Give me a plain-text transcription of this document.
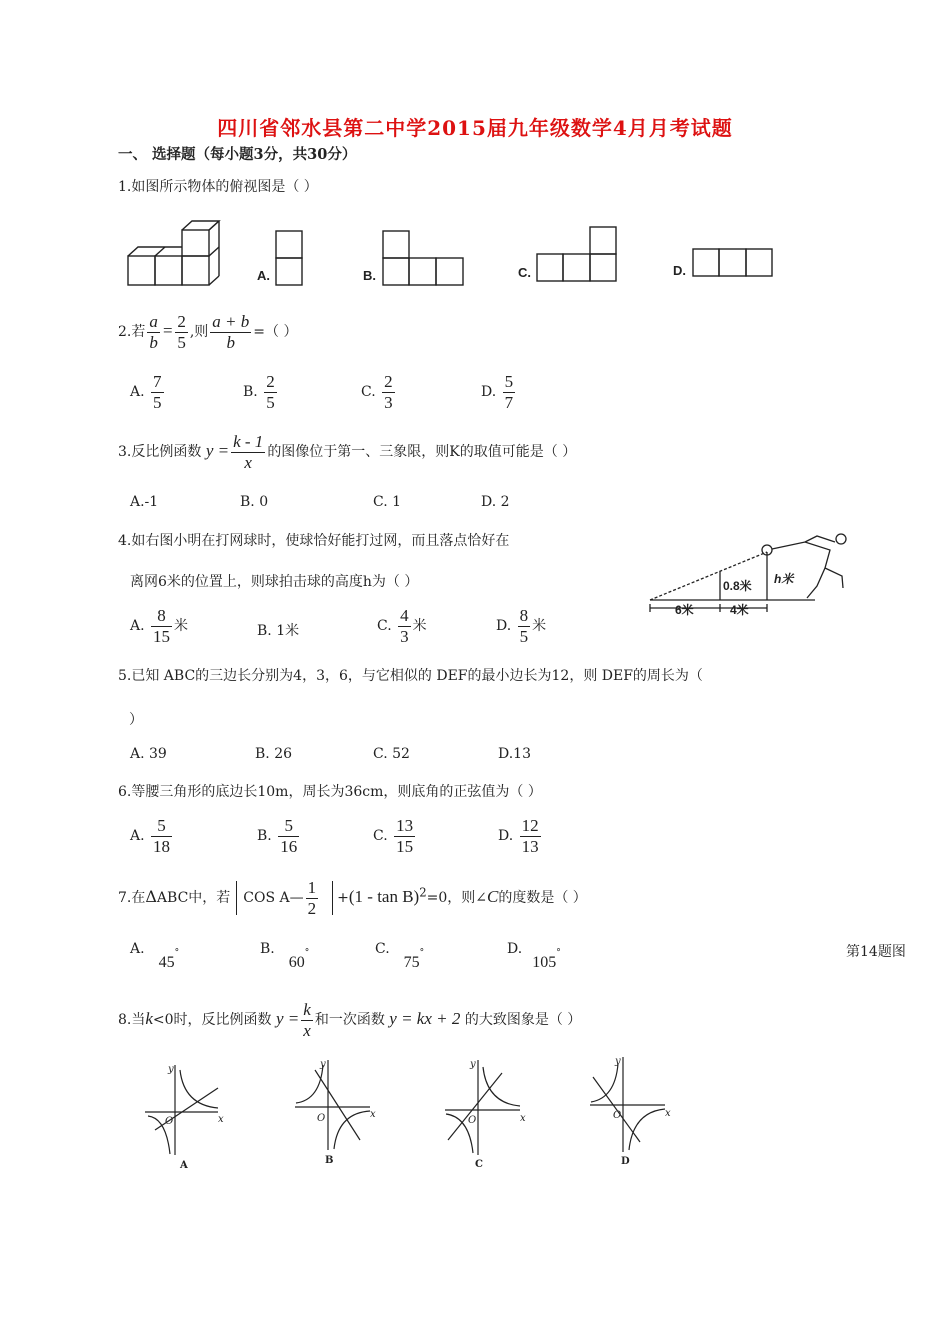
四川省邻水县第二中学2015届九年级数学4月月考试题
一、 选择题（每小题3分，共30分）
1.如图所示物体的俯视图是（ ）
A.	B.	C.	D.
2.若 $\frac{a}{b} = \frac{2}{5}$ ,则 $\frac{a + b}{b}$ =（ ）
A. $\frac{7}{5}$	B. $\frac{2}{5}$	C. $\frac{2}{3}$	D. $\frac{5}{7}$
3.反比例函数 $y = \frac{k - 1}{x}$ 的图像位于第一、三象限，则K的取值可能是（ ）
A.-1	B. 0	C. 1	D. 2
4.如右图小明在打网球时，使球恰好能打过网，而且落点恰好在
离网6米的位置上，则球拍击球的高度h为（ ）
A. $\frac{8}{15}$ 米	B. 1米	C. $\frac{4}{3}$ 米	D. $\frac{8}{5}$ 米
0.8米 h米
6米	4米
5.已知 ABC的三边长分别为4，3，6，与它相似的 DEF的最小边长为12，则 DEF的周长为（
）
A. 39	B. 26	C. 52	D.13
6.等腰三角形的底边长10m，周长为36cm，则底角的正弦值为（ ）
A. $\frac{5}{18}$	B. $\frac{5}{16}$	C. $\frac{13}{15}$	D. $\frac{12}{13}$
7.在ΔABC中，若 COS A— $\frac{1}{2} +(1 - \tan B)^2=0$，则∠C的度数是（ ）
A.45°	B.60°	C.75°	D.105°	第14题图
8.当k<0时，反比例函数 $y = \frac{k}{x}$ 和一次函数 y = kx + 2 的大致图象是（ ）
y
x
O
A
y
x
O
B
y
x
O
C
y
x
O
D
